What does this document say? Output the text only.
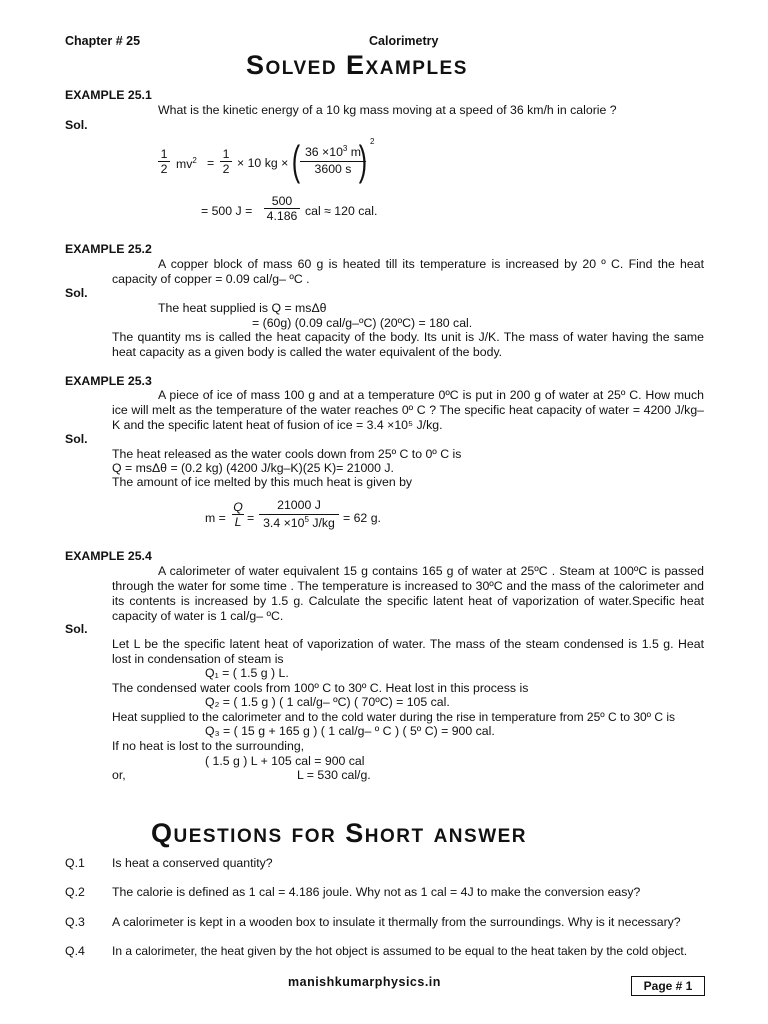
Chapter # 25	Calorimetry
Solved Examples
EXAMPLE 25.1
What is the kinetic energy of a 10 kg mass moving at a speed of 36 km/h in calorie ?
Sol.
$\frac{1}{2} mv^2 = \frac{1}{2} \times 10$ kg × ( $\frac{36 \times 10^3 m}{3600 s}$
) 2
= 500 $J = \frac{500}{4.186}$ cal ≈ 120 cal.
EXAMPLE 25.2
A copper block of mass 60 g is heated till its temperature is increased by 20 º C. Find the heat capacity of copper = 0.09 cal/g– ºC .
Sol.
The heat supplied is Q = msΔθ
= (60g) (0.09 cal/g–ºC) (20ºC) = 180 cal.
The quantity ms is called the heat capacity of the body. Its unit is J/K. The mass of water having the same heat capacity as a given body is called the water equivalent of the body.
EXAMPLE 25.3
A piece of ice of mass 100 g and at a temperature 0ºC is put in 200 g of water at 25º C. How much ice will melt as the temperature of the water reaches 0º C ? The specific heat capacity of water = 4200 J/kg–K and the specific latent heat of fusion of ice = 3.4 ×10⁵ J/kg.
Sol.
The heat released as the water cools down from 25º C to 0º C is
Q = msΔθ = (0.2 kg) (4200 J/kg–K)(25 K)= 21000 J.
The amount of ice melted by this much heat is given by
$m = \frac{Q}{L} = \frac{21000 J}{3.4 \times 10^5 J/kg} = 62$ g.
EXAMPLE 25.4
A calorimeter of water equivalent 15 g contains 165 g of water at 25ºC . Steam at 100ºC is passed through the water for some time . The temperature is increased to 30ºC and the mass of the calorimeter and its contents is increased by 1.5 g. Calculate the specific latent heat of vaporization of water.Specific heat capacity of water is 1 cal/g– ºC.
Sol.
Let L be the specific latent heat of vaporization of water. The mass of the steam condensed is 1.5 g. Heat lost in condensation of steam is
Q₁ = ( 1.5 g ) L.
The condensed water cools from 100º C to 30º C. Heat lost in this process is
Q₂ = ( 1.5 g ) ( 1 cal/g– ºC) ( 70ºC) = 105 cal.
Heat supplied to the calorimeter and to the cold water during the rise in temperature from 25º C to 30º C is
Q₃ = ( 15 g + 165 g ) ( 1 cal/g– º C ) ( 5º C) = 900 cal.
If no heat is lost to the surrounding,
( 1.5 g ) L + 105 cal = 900 cal
or,	L = 530 cal/g.
Questions for Short answer
Q.1 Is heat a conserved quantity?
Q.2 The calorie is defined as 1 cal = 4.186 joule. Why not as 1 cal = 4J to make the conversion easy?
Q.3 A calorimeter is kept in a wooden box to insulate it thermally from the surroundings. Why is it necessary?
Q.4 In a calorimeter, the heat given by the hot object is assumed to be equal to the heat taken by the cold object.
manishkumarphysics.in	Page # 1
